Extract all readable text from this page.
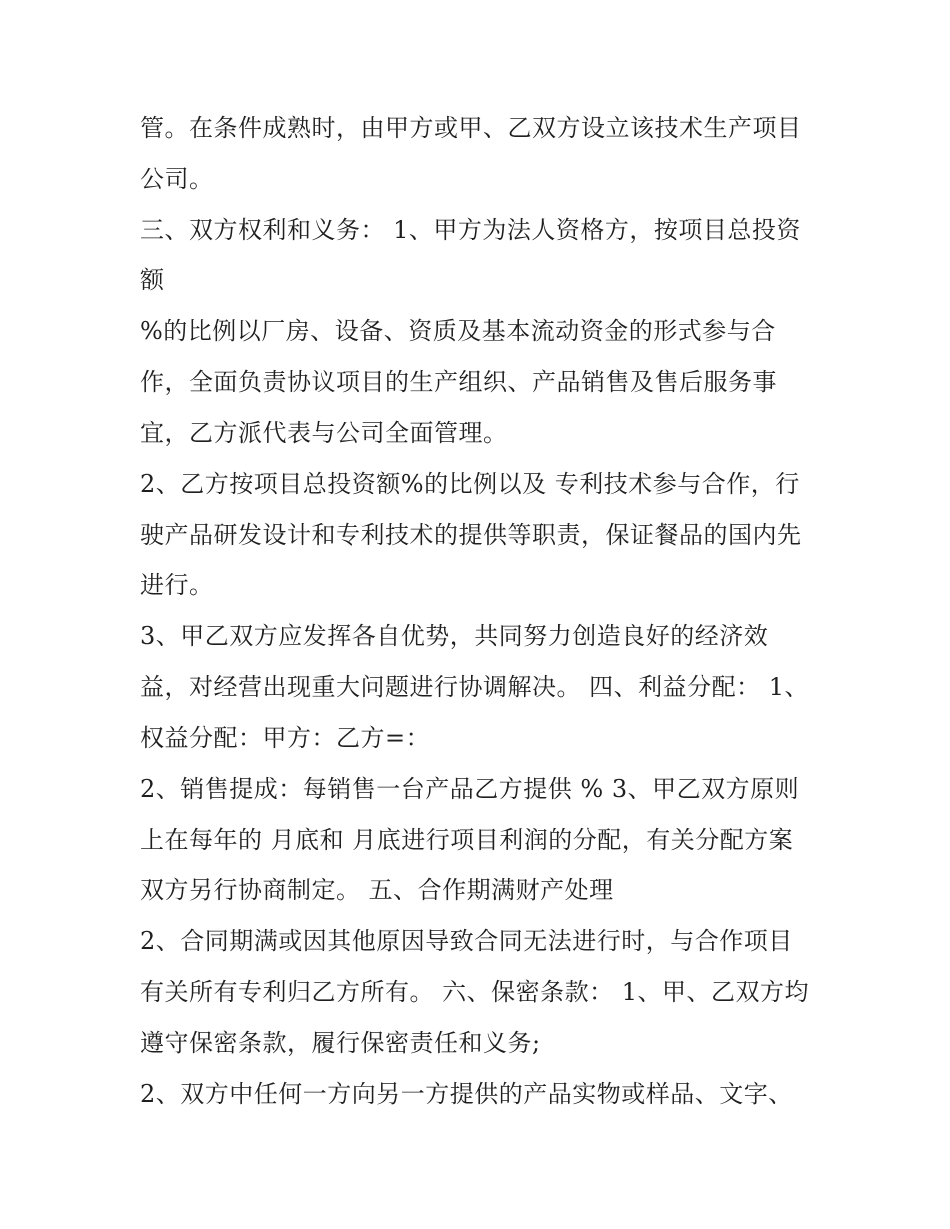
管。在条件成熟时，由甲方或甲、乙双方设立该技术生产项目
公司。
三、双方权利和义务： 1、甲方为法人资格方，按项目总投资
额
%的比例以厂房、设备、资质及基本流动资金的形式参与合
作，全面负责协议项目的生产组织、产品销售及售后服务事
宜，乙方派代表与公司全面管理。
2、乙方按项目总投资额%的比例以及 专利技术参与合作，行
驶产品研发设计和专利技术的提供等职责，保证餐品的国内先
进行。
3、甲乙双方应发挥各自优势，共同努力创造良好的经济效
益，对经营出现重大问题进行协调解决。 四、利益分配： 1、
权益分配：甲方：乙方=：
2、销售提成：每销售一台产品乙方提供 % 3、甲乙双方原则
上在每年的 月底和 月底进行项目利润的分配，有关分配方案
双方另行协商制定。 五、合作期满财产处理
2、合同期满或因其他原因导致合同无法进行时，与合作项目
有关所有专利归乙方所有。 六、保密条款： 1、甲、乙双方均
遵守保密条款，履行保密责任和义务;
2、双方中任何一方向另一方提供的产品实物或样品、文字、
